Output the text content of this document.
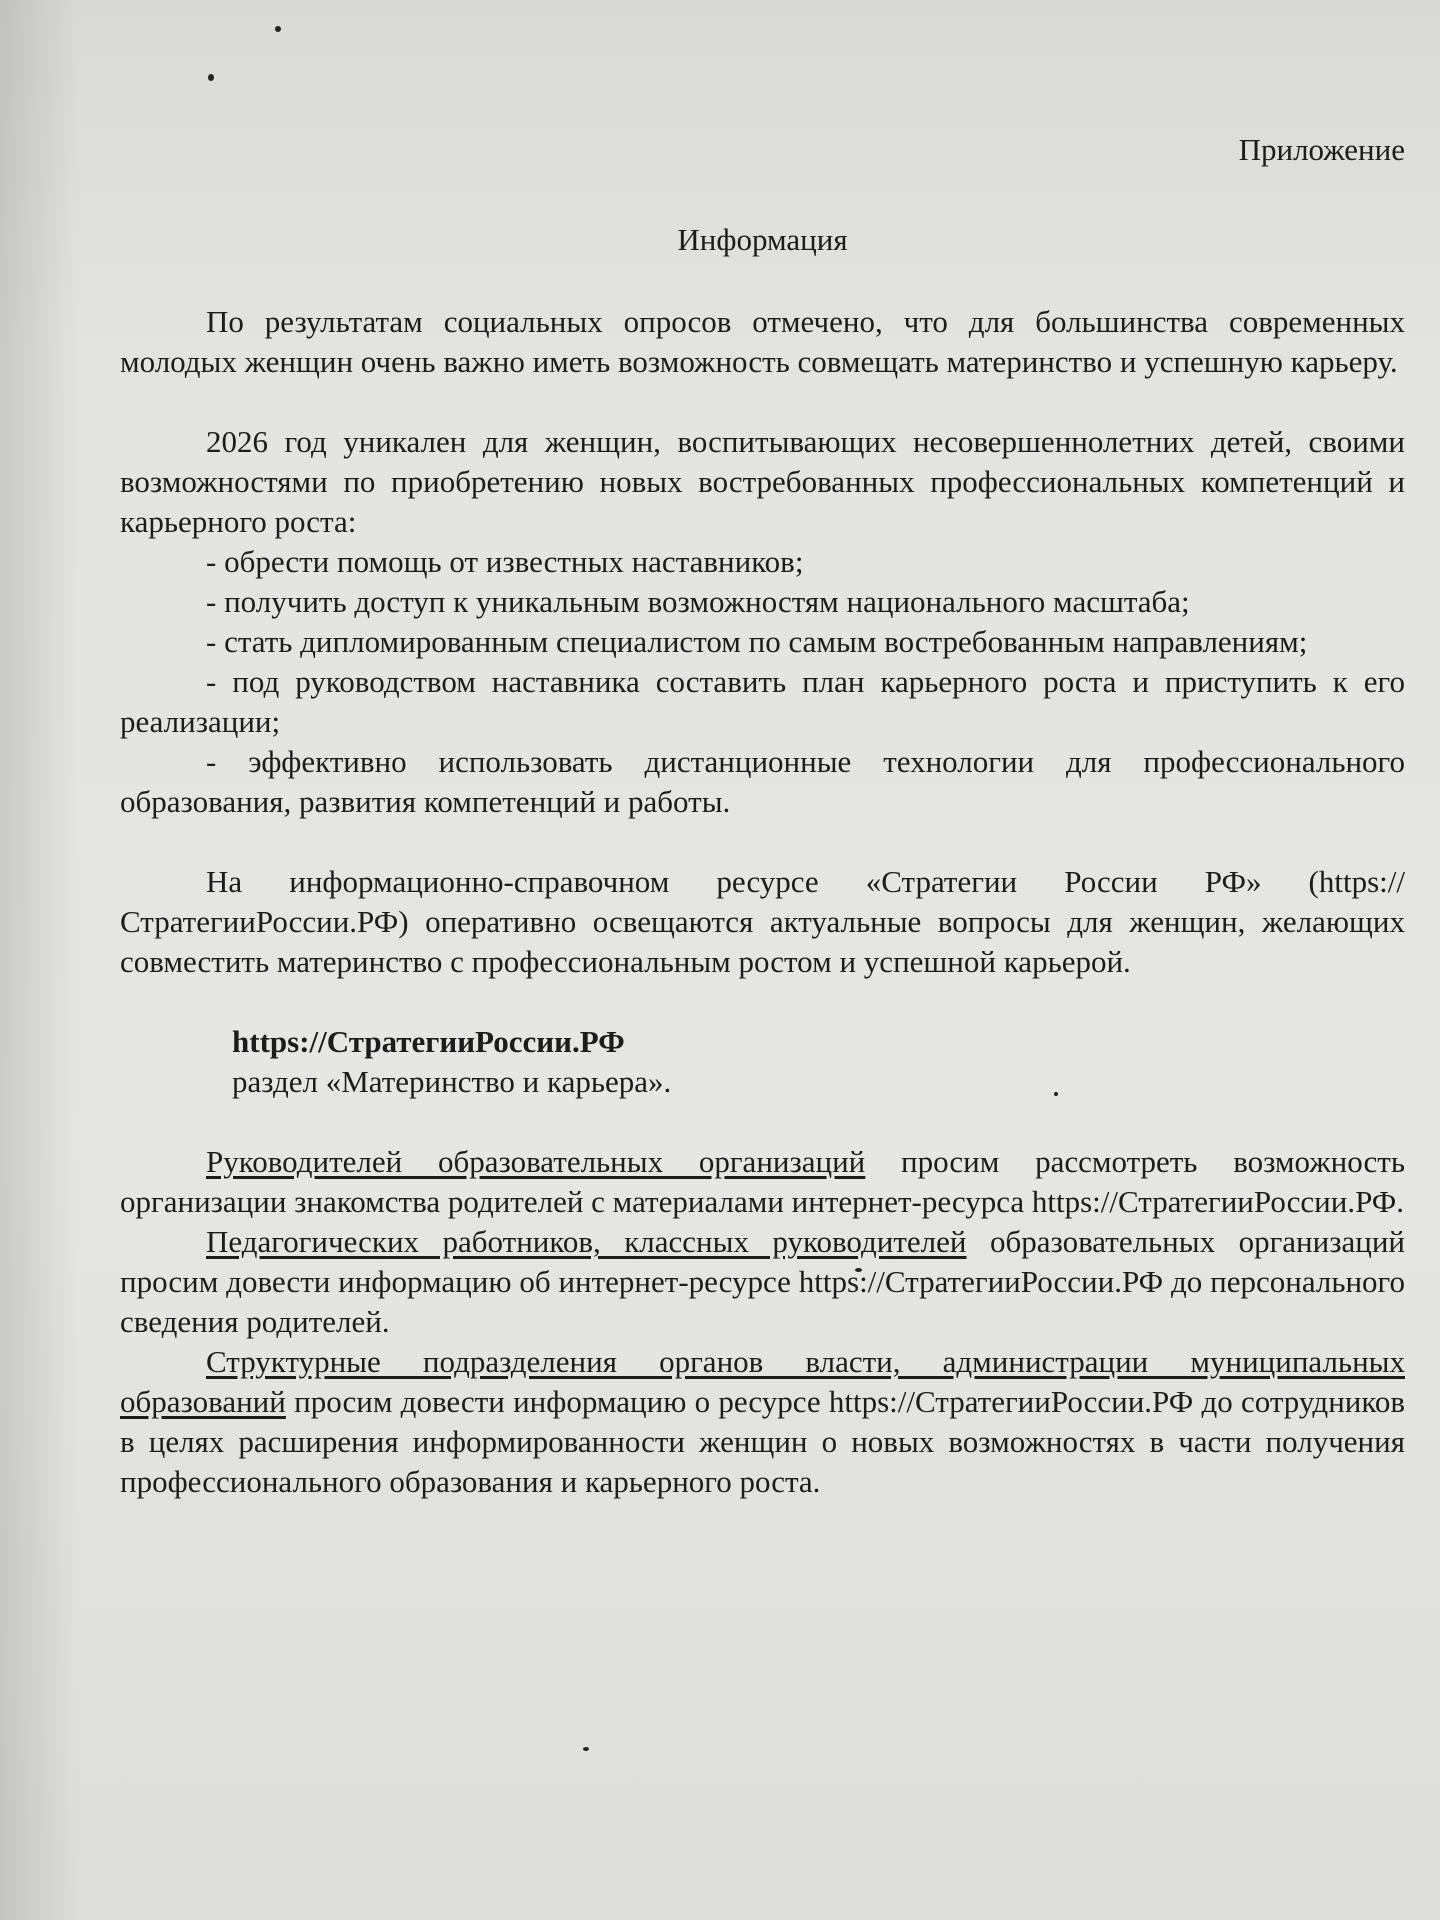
Приложение
Информация

По результатам социальных опросов отмечено, что для большинства современных молодых женщин очень важно иметь возможность совмещать материнство и успешную карьеру.

2026 год уникален для женщин, воспитывающих несовершеннолетних детей, своими возможностями по приобретению новых востребованных профессиональных компетенций и карьерного роста:

- обрести помощь от известных наставников;

- получить доступ к уникальным возможностям национального масштаба;

- стать дипломированным специалистом по самым востребованным направлениям;

- под руководством наставника составить план карьерного роста и приступить к его реализации;

- эффективно использовать дистанционные технологии для профессионального образования, развития компетенций и работы.

На информационно-справочном ресурсе «Стратегии России РФ» (https://СтратегииРоссии.РФ) оперативно освещаются актуальные вопросы для женщин, желающих совместить материнство с профессиональным ростом и успешной карьерой.

https://СтратегииРоссии.РФ
раздел «Материнство и карьера».

Руководителей образовательных организаций просим рассмотреть возможность организации знакомства родителей с материалами интернет-ресурса https://СтратегииРоссии.РФ.

Педагогических работников, классных руководителей образовательных организаций просим довести информацию об интернет-ресурсе https://СтратегииРоссии.РФ до персонального сведения родителей.

Структурные подразделения органов власти, администрации муниципальных образований просим довести информацию о ресурсе https://СтратегииРоссии.РФ до сотрудников в целях расширения информированности женщин о новых возможностях в части получения профессионального образования и карьерного роста.
